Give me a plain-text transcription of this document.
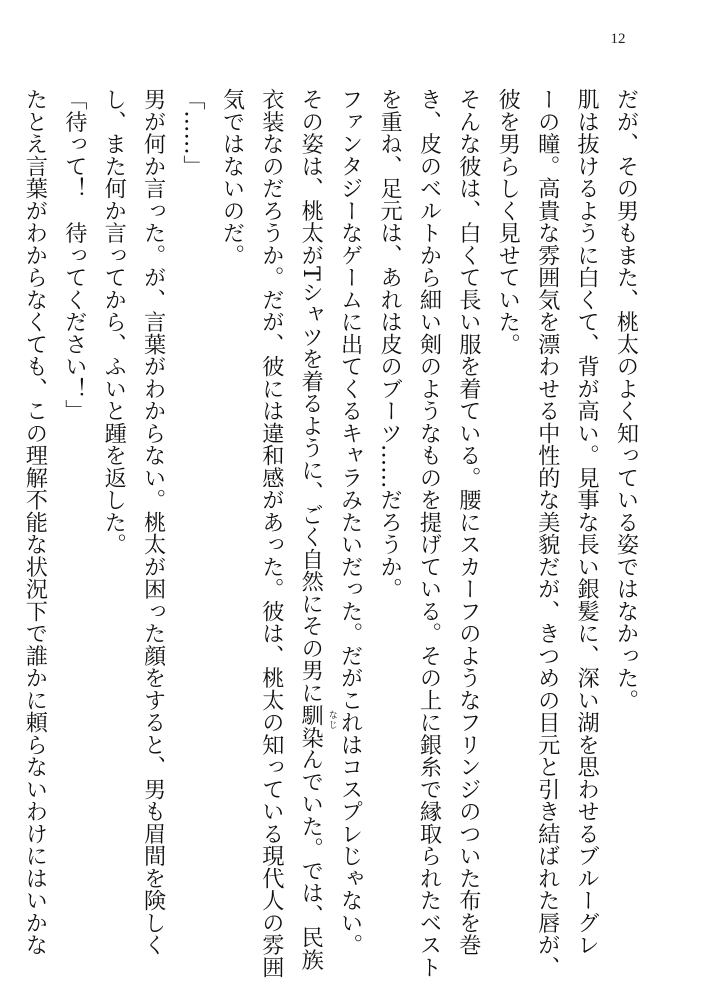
12

だが、その男もまた、桃太のよく知っている姿ではなかった。

肌は抜けるように白くて、背が高い。見事な長い銀髪に、深い湖を思わせるブルーグレ

ーの瞳。高貴な雰囲気を漂わせる中性的な美貌だが、きつめの目元と引き結ばれた唇が、

彼を男らしく見せていた。

そんな彼は、白くて長い服を着ている。腰にスカーフのようなフリンジのついた布を巻

き、皮のベルトから細い剣のようなものを提げている。その上に銀糸で縁取られたベスト

を重ね、足元は、あれは皮のブーツ……だろうか。

ファンタジーなゲームに出てくるキャラみたいだった。だがこれはコスプレじゃない。

その姿は、桃太がTシャツを着るように、ごく自然にその男に馴染 なじ
んでいた。では、民族

衣装なのだろうか。だが、彼には違和感があった。彼は、桃太の知っている現代人の雰囲

気ではないのだ。

「……」

男が何か言った。が、言葉がわからない。桃太が困った顔をすると、男も眉間を険しく

し、また何か言ってから、ふいと踵を返した。

「待って！　待ってください！」

たとえ言葉がわからなくても、この理解不能な状況下で誰かに頼らないわけにはいかな
